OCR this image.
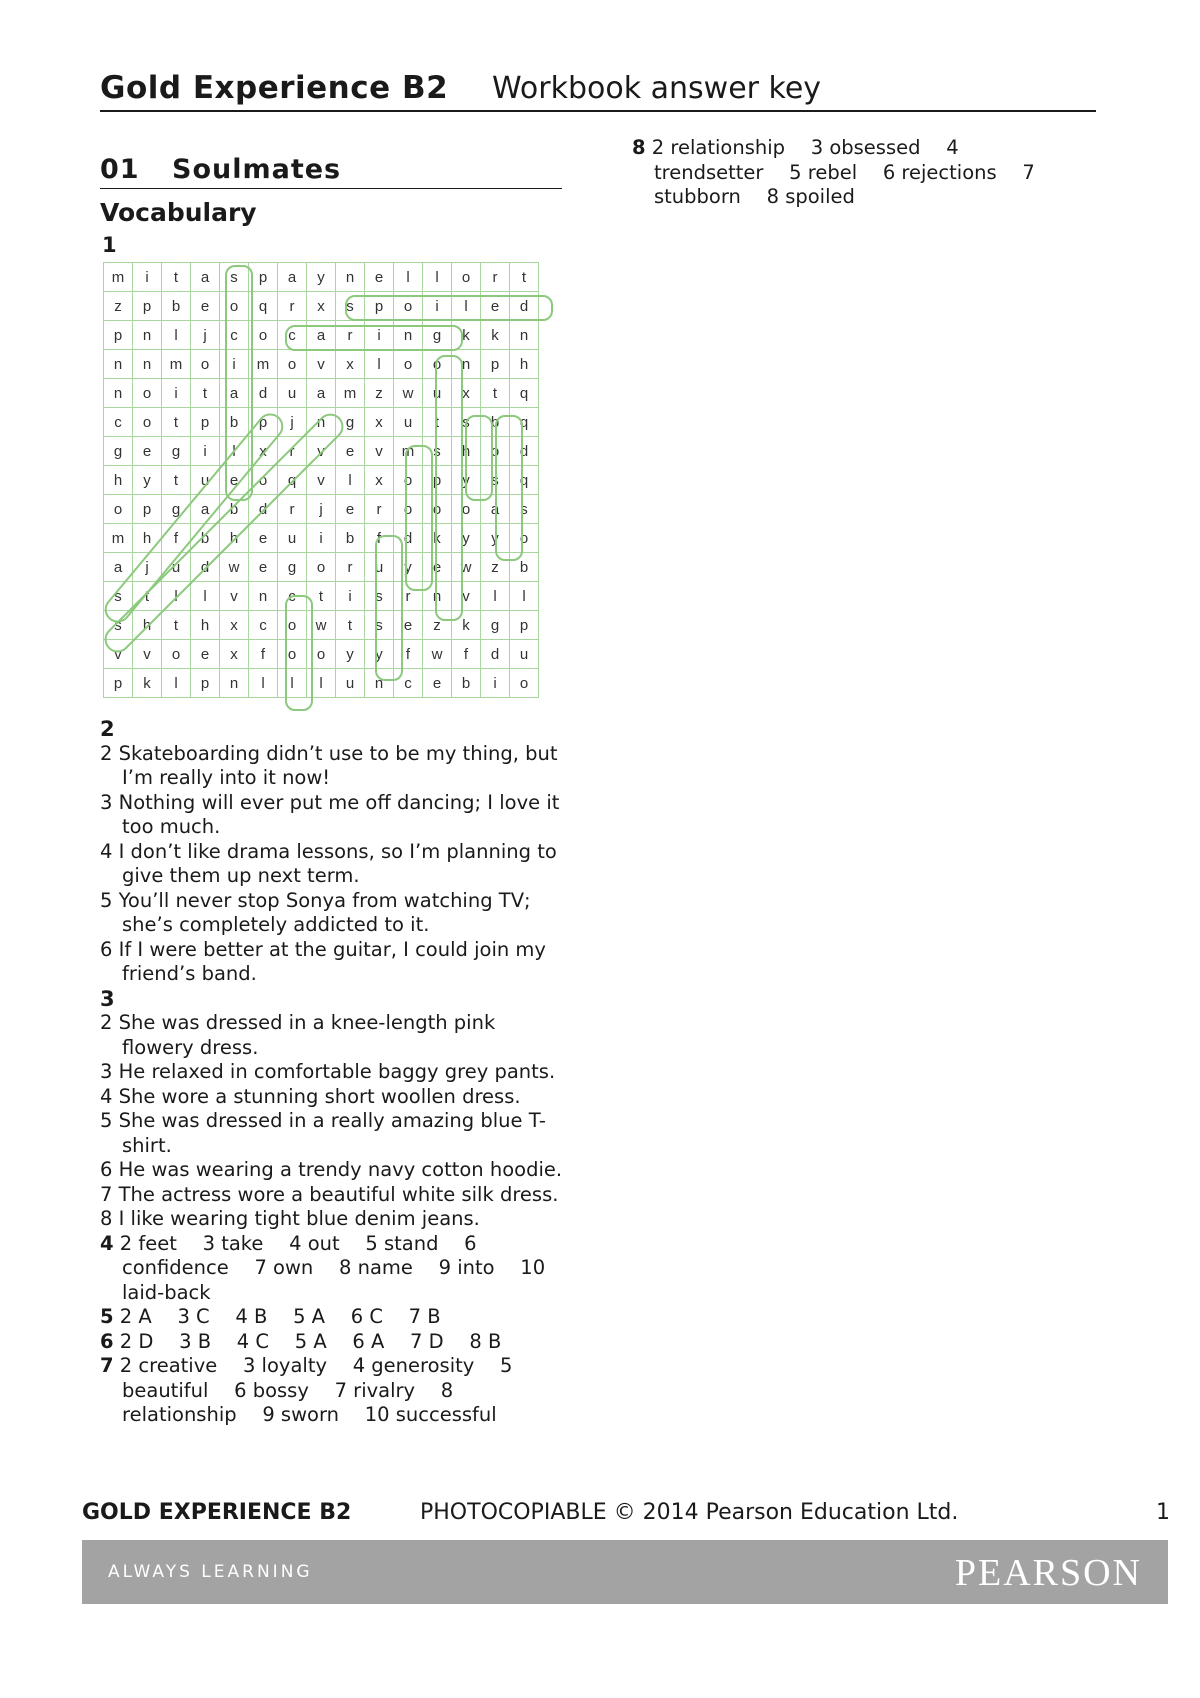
Gold Experience B2 Workbook answer key
01 Soulmates
Vocabulary
1
m	i	t	a	s	p	a	y	n	e	l	l	o	r	t
z	p	b	e	o	q	r	x	s	p	o	i	l	e	d
p	n	l	j	c	o	c	a	r	i	n	g	k	k	n
n	n	m	o	i	m	o	v	x	l	o	o	n	p	h
n	o	i	t	a	d	u	a	m	z	w	u	x	t	q
c	o	t	p	b	p	j	n	g	x	u	t	s	b	q
g	e	g	i	l	x	r	v	e	v	m	s	h	o	d
h	y	t	u	e	o	q	v	l	x	o	p	y	s	q
o	p	g	a	b	d	r	j	e	r	o	o	o	a	s
m	h	f	b	h	e	u	i	b	f	d	k	y	y	o
a	j	u	d	w	e	g	o	r	u	y	e	w	z	b
s	t	l	l	v	n	c	t	i	s	r	n	v	l	l
s	h	t	h	x	c	o	w	t	s	e	z	k	g	p
v	v	o	e	x	f	o	o	y	y	f	w	f	d	u
p	k	l	p	n	l	l	l	u	n	c	e	b	i	o

2

2 Skateboarding didn’t use to be my thing, but I’m really into it now!

3 Nothing will ever put me off dancing; I love it too much.

4 I don’t like drama lessons, so I’m planning to give them up next term.

5 You’ll never stop Sonya from watching TV; she’s completely addicted to it.

6 If I were better at the guitar, I could join my friend’s band.

3

2 She was dressed in a knee-length pink flowery dress.

3 He relaxed in comfortable baggy grey pants.

4 She wore a stunning short woollen dress.

5 She was dressed in a really amazing blue T-shirt.

6 He was wearing a trendy navy cotton hoodie.

7 The actress wore a beautiful white silk dress.

8 I like wearing tight blue denim jeans.

4 2 feet  3 take  4 out  5 stand  6 confidence  7 own  8 name  9 into  10 laid-back

5 2 A  3 C  4 B  5 A  6 C  7 B

6 2 D  3 B  4 C  5 A  6 A  7 D  8 B

7 2 creative  3 loyalty  4 generosity  5 beautiful  6 bossy  7 rivalry  8 relationship  9 sworn  10 successful

8 2 relationship  3 obsessed  4 trendsetter  5 rebel  6 rejections  7 stubborn  8 spoiled

GOLD EXPERIENCE B2	PHOTOCOPIABLE © 2014 Pearson Education Ltd.	1
ALWAYS LEARNING	PEARSON
